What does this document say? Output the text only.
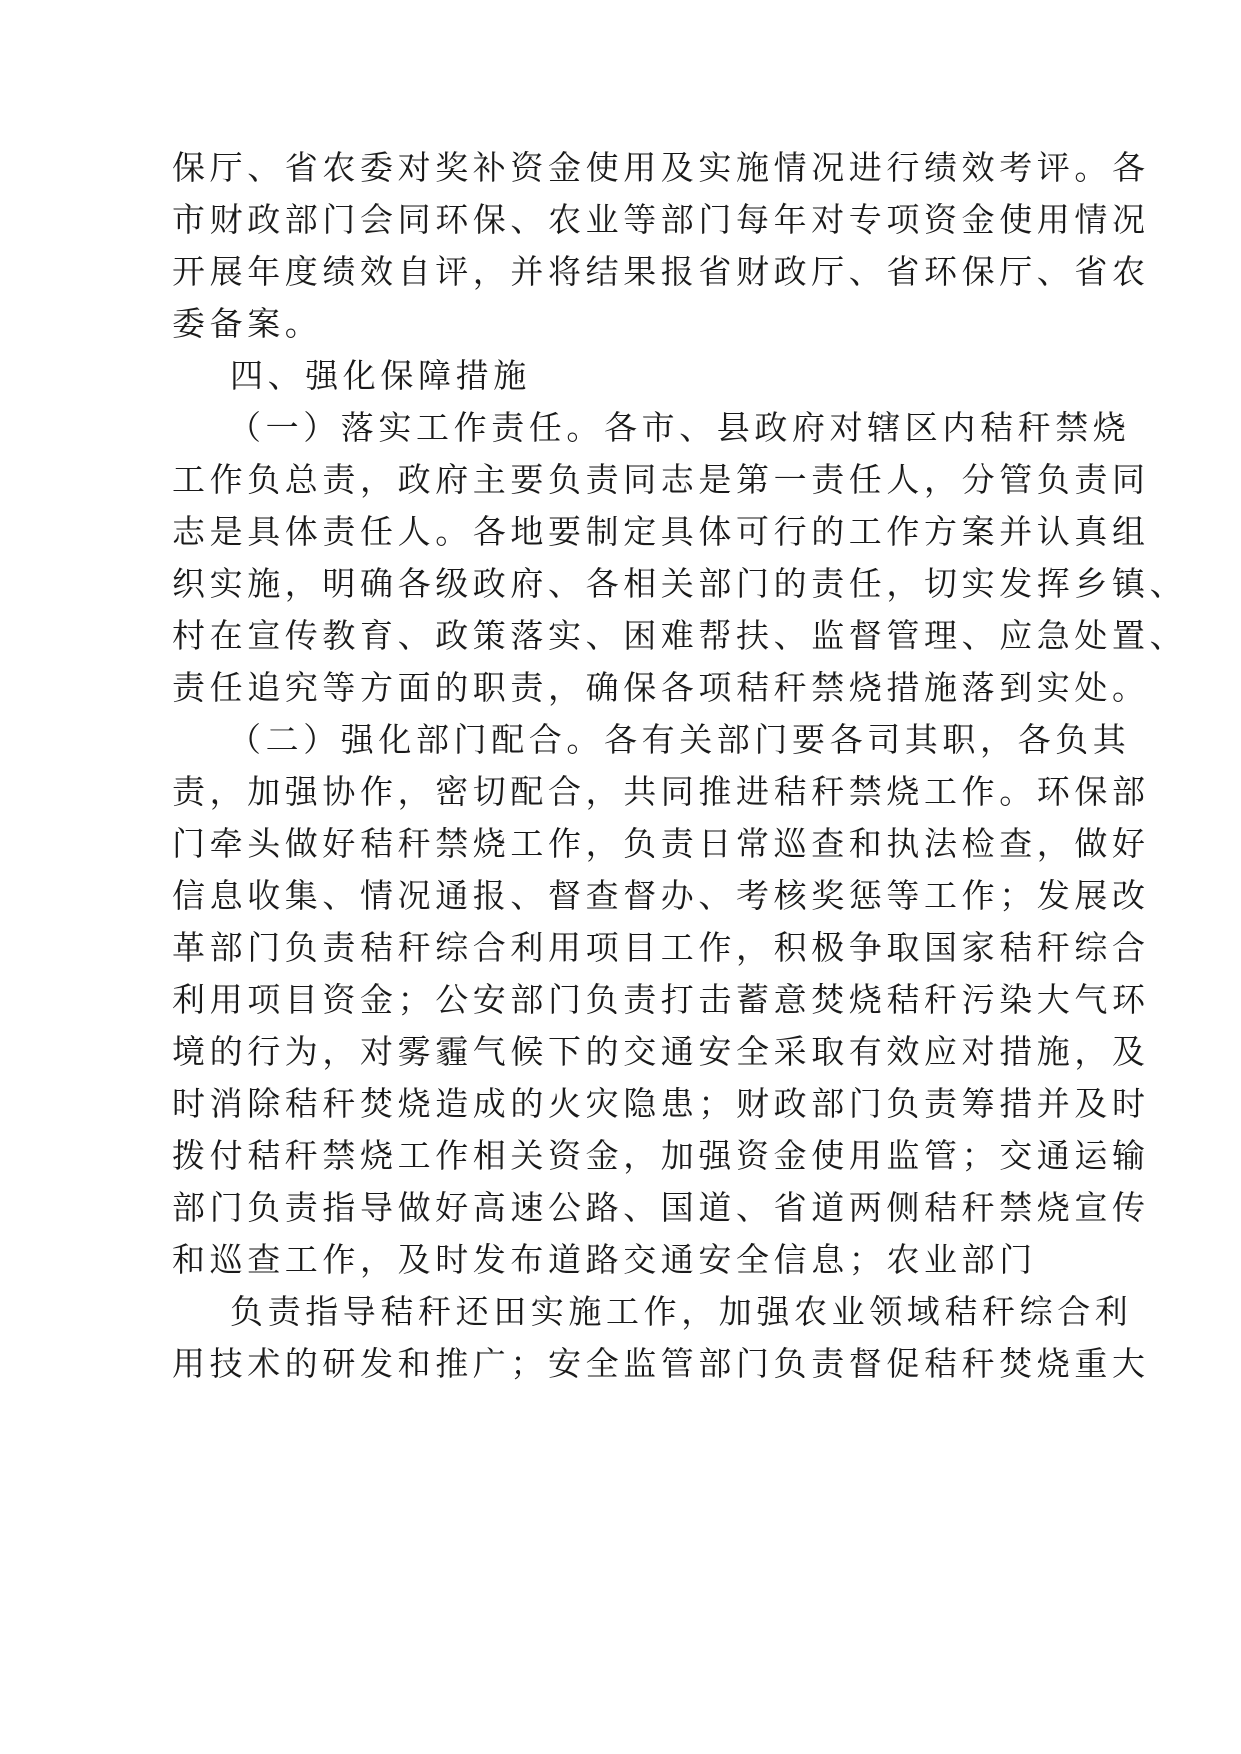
保厅、省农委对奖补资金使用及实施情况进行绩效考评。各
市财政部门会同环保、农业等部门每年对专项资金使用情况
开展年度绩效自评，并将结果报省财政厅、省环保厅、省农
委备案。
四、强化保障措施
（一）落实工作责任。各市、县政府对辖区内秸秆禁烧
工作负总责，政府主要负责同志是第一责任人，分管负责同
志是具体责任人。各地要制定具体可行的工作方案并认真组
织实施，明确各级政府、各相关部门的责任，切实发挥乡镇、
村在宣传教育、政策落实、困难帮扶、监督管理、应急处置、
责任追究等方面的职责，确保各项秸秆禁烧措施落到实处。
（二）强化部门配合。各有关部门要各司其职，各负其
责，加强协作，密切配合，共同推进秸秆禁烧工作。环保部
门牵头做好秸秆禁烧工作，负责日常巡查和执法检查，做好
信息收集、情况通报、督查督办、考核奖惩等工作；发展改
革部门负责秸秆综合利用项目工作，积极争取国家秸秆综合
利用项目资金；公安部门负责打击蓄意焚烧秸秆污染大气环
境的行为，对雾霾气候下的交通安全采取有效应对措施，及
时消除秸秆焚烧造成的火灾隐患；财政部门负责筹措并及时
拨付秸秆禁烧工作相关资金，加强资金使用监管；交通运输
部门负责指导做好高速公路、国道、省道两侧秸秆禁烧宣传
和巡查工作，及时发布道路交通安全信息；农业部门
负责指导秸秆还田实施工作，加强农业领域秸秆综合利
用技术的研发和推广；安全监管部门负责督促秸秆焚烧重大
